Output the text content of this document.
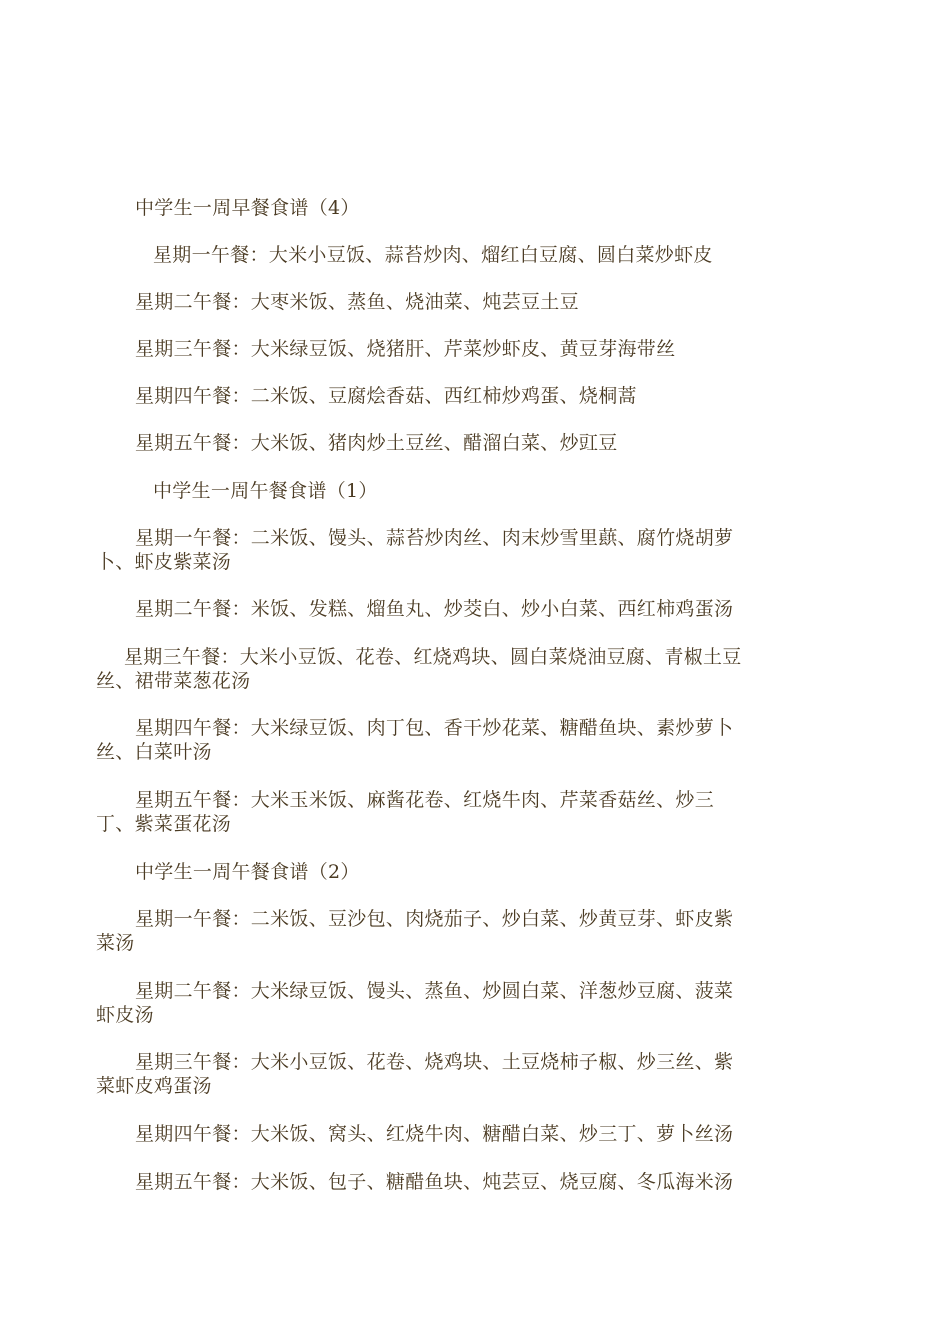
中学生一周早餐食谱（4）

星期一午餐：大米小豆饭、蒜苔炒肉、熘红白豆腐、圆白菜炒虾皮

星期二午餐：大枣米饭、蒸鱼、烧油菜、炖芸豆土豆

星期三午餐：大米绿豆饭、烧猪肝、芹菜炒虾皮、黄豆芽海带丝

星期四午餐：二米饭、豆腐烩香菇、西红柿炒鸡蛋、烧桐蒿

星期五午餐：大米饭、猪肉炒土豆丝、醋溜白菜、炒豇豆

中学生一周午餐食谱（1）

星期一午餐：二米饭、馒头、蒜苔炒肉丝、肉末炒雪里蕻、腐竹烧胡萝

卜、虾皮紫菜汤

星期二午餐：米饭、发糕、熘鱼丸、炒茭白、炒小白菜、西红柿鸡蛋汤

星期三午餐：大米小豆饭、花卷、红烧鸡块、圆白菜烧油豆腐、青椒土豆

丝、裙带菜葱花汤

星期四午餐：大米绿豆饭、肉丁包、香干炒花菜、糖醋鱼块、素炒萝卜

丝、白菜叶汤

星期五午餐：大米玉米饭、麻酱花卷、红烧牛肉、芹菜香菇丝、炒三

丁、紫菜蛋花汤

中学生一周午餐食谱（2）

星期一午餐：二米饭、豆沙包、肉烧茄子、炒白菜、炒黄豆芽、虾皮紫

菜汤

星期二午餐：大米绿豆饭、馒头、蒸鱼、炒圆白菜、洋葱炒豆腐、菠菜

虾皮汤

星期三午餐：大米小豆饭、花卷、烧鸡块、土豆烧柿子椒、炒三丝、紫

菜虾皮鸡蛋汤

星期四午餐：大米饭、窝头、红烧牛肉、糖醋白菜、炒三丁、萝卜丝汤

星期五午餐：大米饭、包子、糖醋鱼块、炖芸豆、烧豆腐、冬瓜海米汤
